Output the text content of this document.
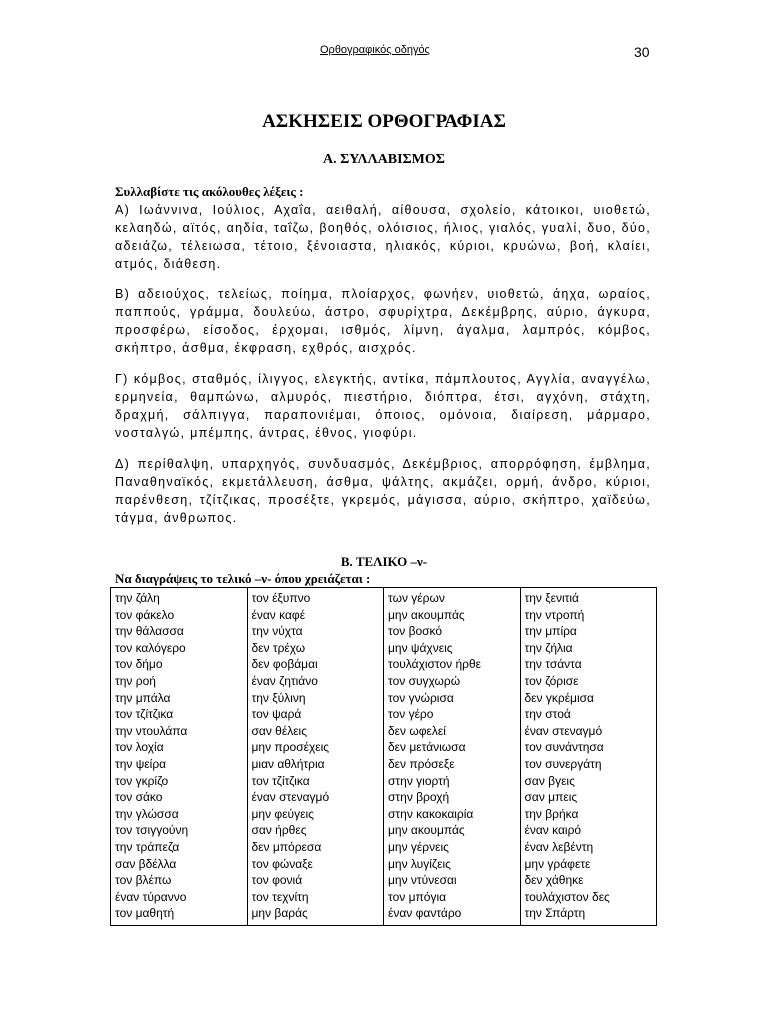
Ορθογραφικός οδηγός	30
ΑΣΚΗΣΕΙΣ ΟΡΘΟΓΡΑΦΙΑΣ
Α. ΣΥΛΛΑΒΙΣΜΟΣ
Συλλαβίστε τις ακόλουθες λέξεις :
Α) Ιωάννινα, Ιούλιος, Αχαΐα, αειθαλή, αίθουσα, σχολείο, κάτοικοι, υιοθετώ, κελαηδώ, αϊτός, αηδία, ταΐζω, βοηθός, ολόισιος, ήλιος, γιαλός, γυαλί, δυο, δύο, αδειάζω, τέλειωσα, τέτοιο, ξένοιαστα, ηλιακός, κύριοι, κρυώνω, βοή, κλαίει, ατμός, διάθεση.
Β) αδειούχος, τελείως, ποίημα, πλοίαρχος, φωνήεν, υιοθετώ, άηχα, ωραίος, παππούς, γράμμα, δουλεύω, άστρο, σφυρίχτρα, Δεκέμβρης, αύριο, άγκυρα, προσφέρω, είσοδος, έρχομαι, ισθμός, λίμνη, άγαλμα, λαμπρός, κόμβος, σκήπτρο, άσθμα, έκφραση, εχθρός, αισχρός.
Γ) κόμβος, σταθμός, ίλιγγος, ελεγκτής, αντίκα, πάμπλουτος, Αγγλία, αναγγέλω, ερμηνεία, θαμπώνω, αλμυρός, πιεστήριο, διόπτρα, έτσι, αγχόνη, στάχτη, δραχμή, σάλπιγγα, παραπονιέμαι, όποιος, ομόνοια, διαίρεση, μάρμαρο, νοσταλγώ, μπέμπης, άντρας, έθνος, γιοφύρι.
Δ) περίθαλψη, υπαρχηγός, συνδυασμός, Δεκέμβριος, απορρόφηση, έμβλημα, Παναθηναϊκός, εκμετάλλευση, άσθμα, ψάλτης, ακμάζει, ορμή, άνδρο, κύριοι, παρένθεση, τζίτζικας, προσέξτε, γκρεμός, μάγισσα, αύριο, σκήπτρο, χαϊδεύω, τάγμα, άνθρωπος.
Β. ΤΕΛΙΚΟ –ν-
Να διαγράψεις το τελικό –ν- όπου χρειάζεται :
την ζάλη
τον φάκελο
την θάλασσα
τον καλόγερο
τον δήμο
την ροή
την μπάλα
τον τζίτζικα
την ντουλάπα
τον λοχία
την ψείρα
τον γκρίζο
τον σάκο
την γλώσσα
τον τσιγγούνη
την τράπεζα
σαν βδέλλα
τον βλέπω
έναν τύραννο
τον μαθητή
τον έξυπνο
έναν καφέ
την νύχτα
δεν τρέχω
δεν φοβάμαι
έναν ζητιάνο
την ξύλινη
τον ψαρά
σαν θέλεις
μην προσέχεις
μιαν αθλήτρια
τον τζίτζικα
έναν στεναγμό
μην φεύγεις
σαν ήρθες
δεν μπόρεσα
τον φώναξε
τον φονιά
τον τεχνίτη
μην βαράς
των γέρων
μην ακουμπάς
τον βοσκό
μην ψάχνεις
τουλάχιστον ήρθε
τον συγχωρώ
τον γνώρισα
τον γέρο
δεν ωφελεί
δεν μετάνιωσα
δεν πρόσεξε
στην γιορτή
στην βροχή
στην κακοκαιρία
μην ακουμπάς
μην γέρνεις
μην λυγίζεις
μην ντύνεσαι
τον μπόγια
έναν φαντάρο
την ξενιτιά
την ντροπή
την μπίρα
την ζήλια
την τσάντα
τον ζόρισε
δεν γκρέμισα
την στοά
έναν στεναγμό
τον συνάντησα
τον συνεργάτη
σαν βγεις
σαν μπεις
την βρήκα
έναν καιρό
έναν λεβέντη
μην γράφετε
δεν χάθηκε
τουλάχιστον δες
την Σπάρτη
